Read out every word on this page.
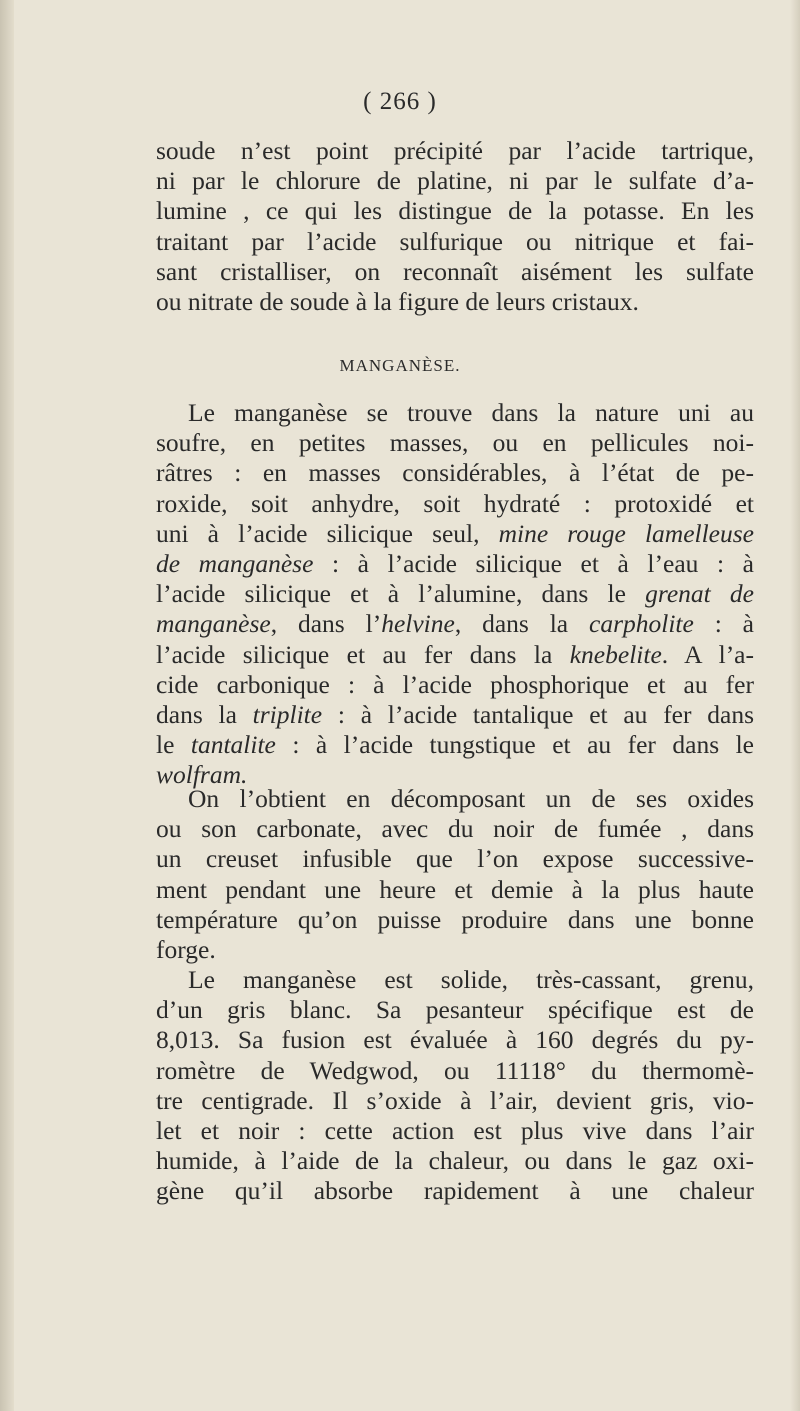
( 266 )
soude n’est point précipité par l’acide tartrique,
ni par le chlorure de platine, ni par le sulfate d’a-
lumine , ce qui les distingue de la potasse. En les
traitant par l’acide sulfurique ou nitrique et fai-
sant cristalliser, on reconnaît aisément les sulfate
ou nitrate de soude à la figure de leurs cristaux.
MANGANÈSE.
Le manganèse se trouve dans la nature uni au
soufre, en petites masses, ou en pellicules noi-
râtres : en masses considérables, à l’état de pe-
roxide, soit anhydre, soit hydraté : protoxidé et
uni à l’acide silicique seul, mine rouge lamelleuse
de manganèse : à l’acide silicique et à l’eau : à
l’acide silicique et à l’alumine, dans le grenat de
manganèse, dans l’helvine, dans la carpholite : à
l’acide silicique et au fer dans la knebelite. A l’a-
cide carbonique : à l’acide phosphorique et au fer
dans la triplite : à l’acide tantalique et au fer dans
le tantalite : à l’acide tungstique et au fer dans le
wolfram.
On l’obtient en décomposant un de ses oxides
ou son carbonate, avec du noir de fumée , dans
un creuset infusible que l’on expose successive-
ment pendant une heure et demie à la plus haute
température qu’on puisse produire dans une bonne
forge.
Le manganèse est solide, très-cassant, grenu,
d’un gris blanc. Sa pesanteur spécifique est de
8,013. Sa fusion est évaluée à 160 degrés du py-
romètre de Wedgwod, ou 11118° du thermomè-
tre centigrade. Il s’oxide à l’air, devient gris, vio-
let et noir : cette action est plus vive dans l’air
humide, à l’aide de la chaleur, ou dans le gaz oxi-
gène qu’il absorbe rapidement à une chaleur
